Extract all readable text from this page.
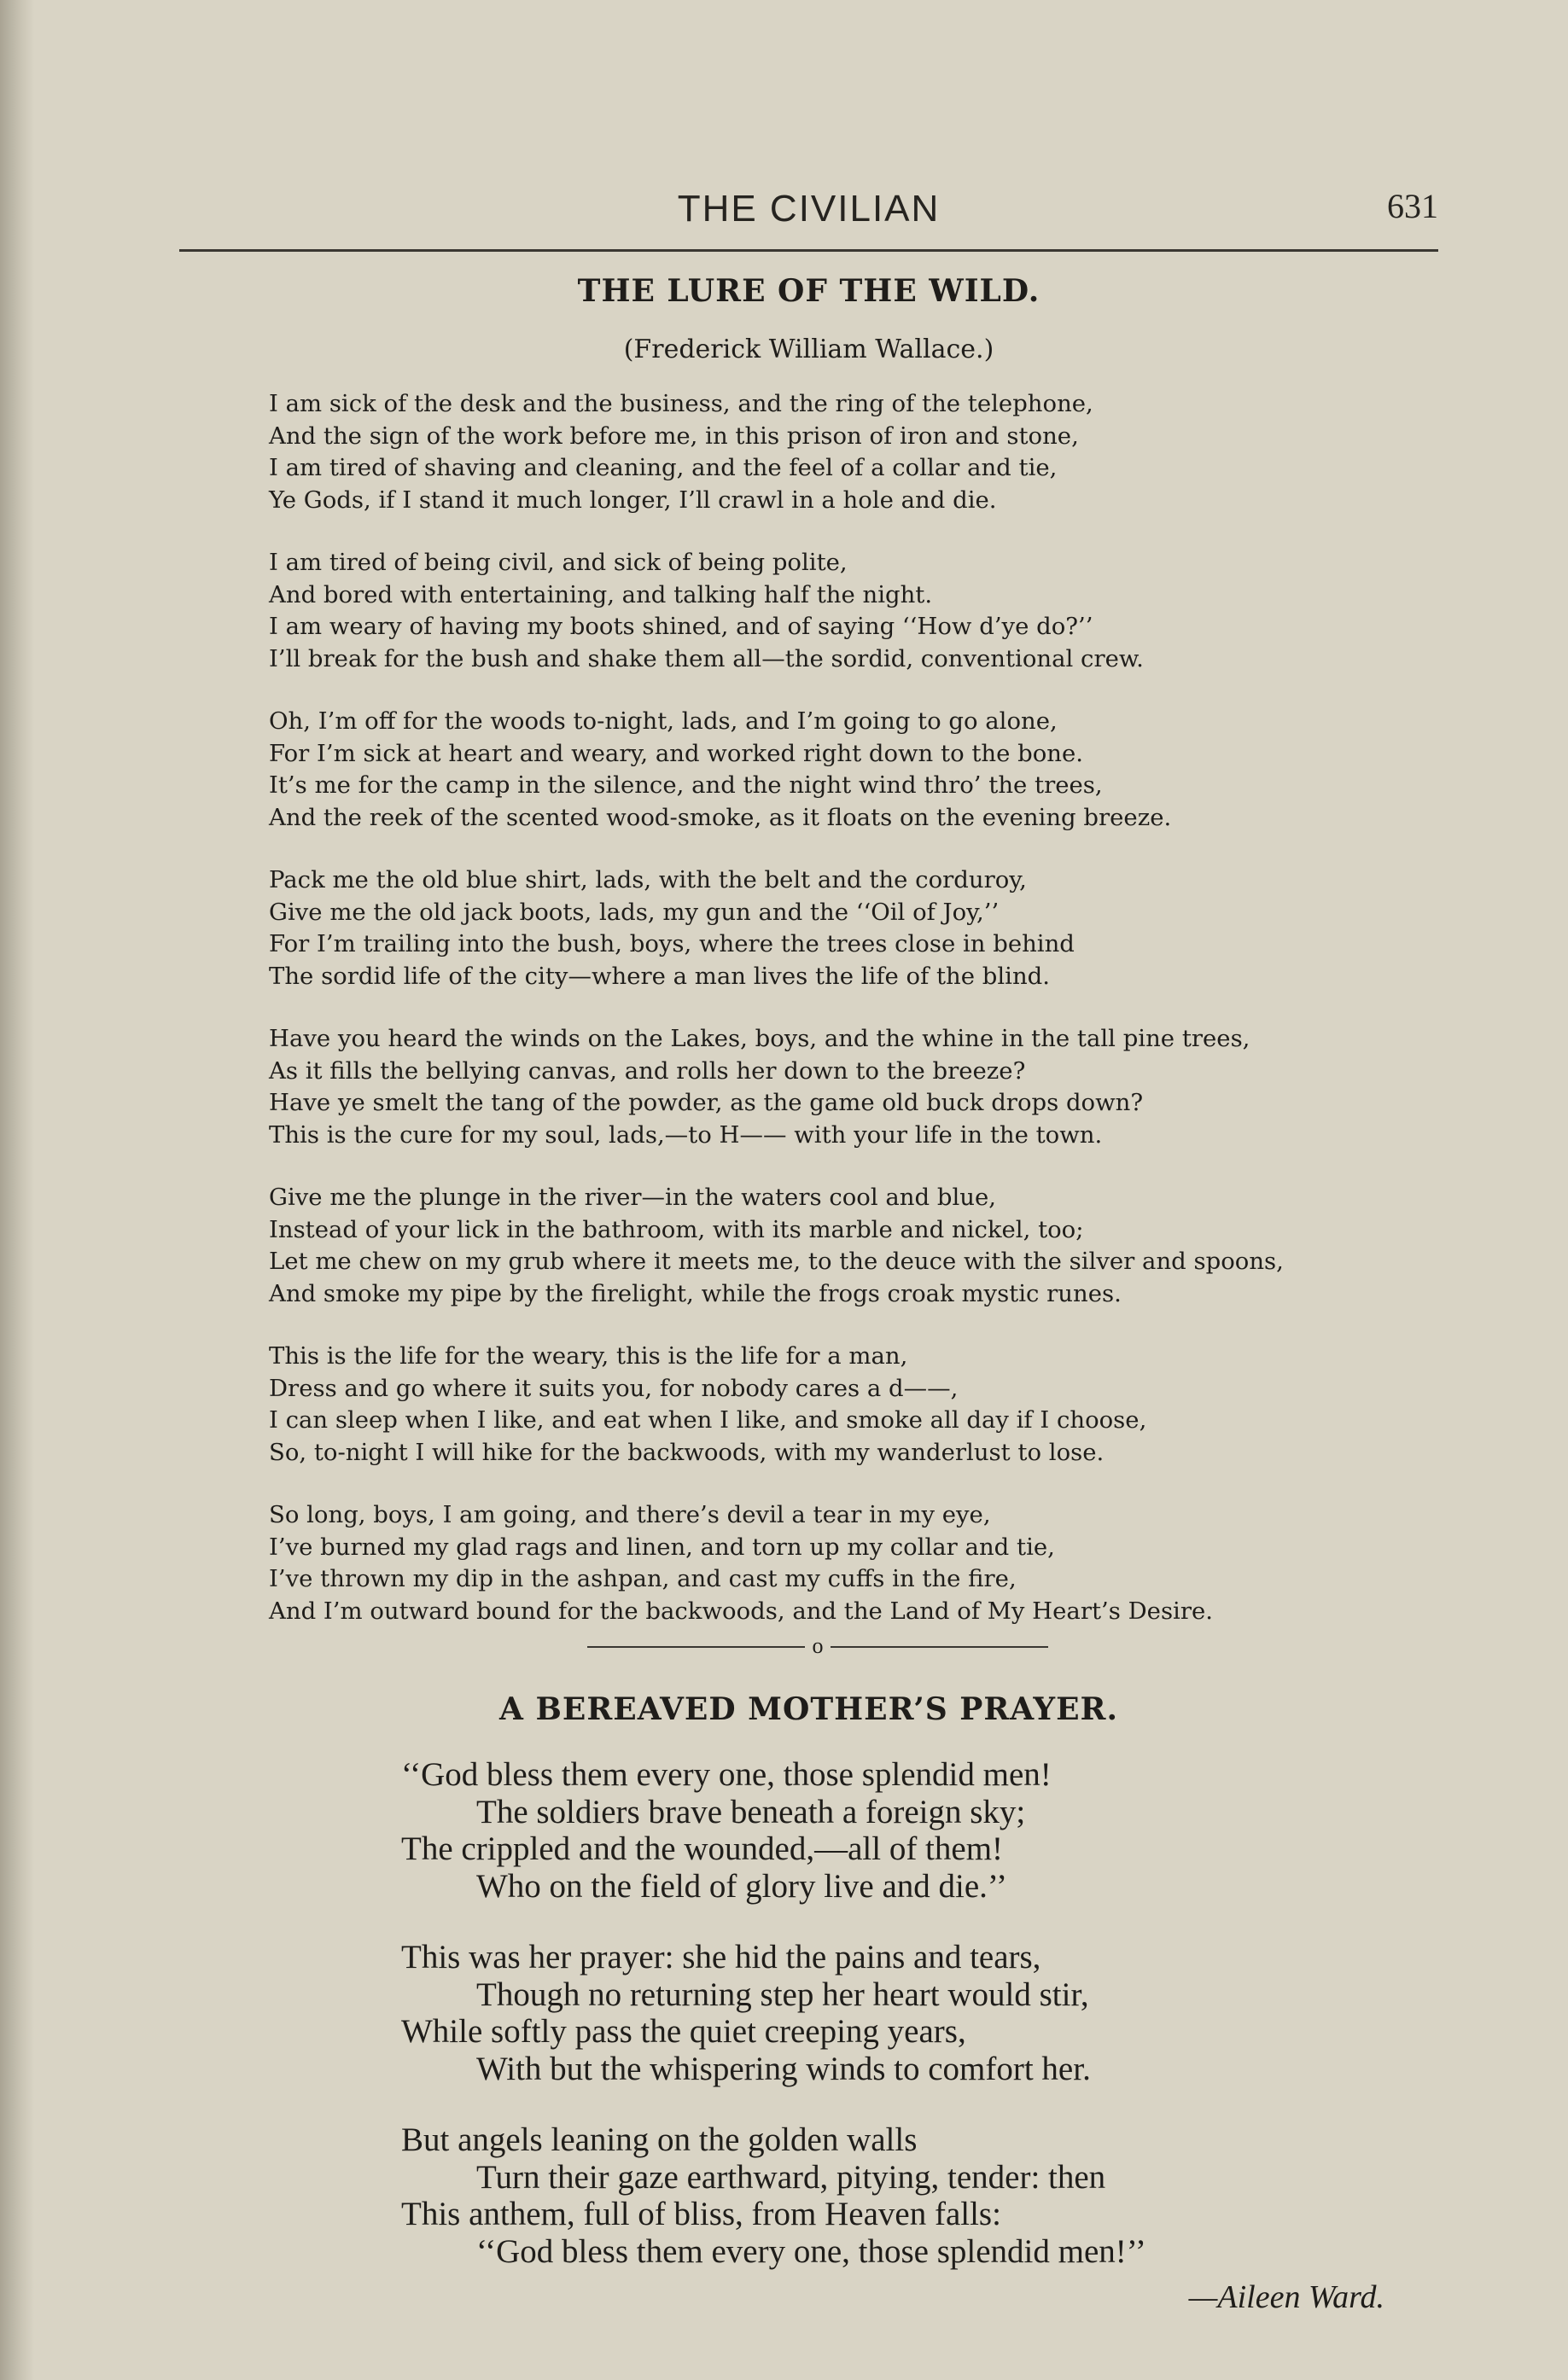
THE CIVILIAN	631
THE LURE OF THE WILD.
(Frederick William Wallace.)
I am sick of the desk and the business, and the ring of the telephone,
And the sign of the work before me, in this prison of iron and stone,
I am tired of shaving and cleaning, and the feel of a collar and tie,
Ye Gods, if I stand it much longer, I’ll crawl in a hole and die.
I am tired of being civil, and sick of being polite,
And bored with entertaining, and talking half the night.
I am weary of having my boots shined, and of saying ‘‘How d’ye do?’’
I’ll break for the bush and shake them all—the sordid, conventional crew.
Oh, I’m off for the woods to-night, lads, and I’m going to go alone,
For I’m sick at heart and weary, and worked right down to the bone.
It’s me for the camp in the silence, and the night wind thro’ the trees,
And the reek of the scented wood-smoke, as it floats on the evening breeze.
Pack me the old blue shirt, lads, with the belt and the corduroy,
Give me the old jack boots, lads, my gun and the ‘‘Oil of Joy,’’
For I’m trailing into the bush, boys, where the trees close in behind
The sordid life of the city—where a man lives the life of the blind.
Have you heard the winds on the Lakes, boys, and the whine in the tall pine trees,
As it fills the bellying canvas, and rolls her down to the breeze?
Have ye smelt the tang of the powder, as the game old buck drops down?
This is the cure for my soul, lads,—to H—— with your life in the town.
Give me the plunge in the river—in the waters cool and blue,
Instead of your lick in the bathroom, with its marble and nickel, too;
Let me chew on my grub where it meets me, to the deuce with the silver and spoons,
And smoke my pipe by the firelight, while the frogs croak mystic runes.
This is the life for the weary, this is the life for a man,
Dress and go where it suits you, for nobody cares a d——,
I can sleep when I like, and eat when I like, and smoke all day if I choose,
So, to-night I will hike for the backwoods, with my wanderlust to lose.
So long, boys, I am going, and there’s devil a tear in my eye,
I’ve burned my glad rags and linen, and torn up my collar and tie,
I’ve thrown my dip in the ashpan, and cast my cuffs in the fire,
And I’m outward bound for the backwoods, and the Land of My Heart’s Desire.
o
A BEREAVED MOTHER’S PRAYER.
‘‘God bless them every one, those splendid men!
The soldiers brave beneath a foreign sky;
The crippled and the wounded,—all of them!
Who on the field of glory live and die.’’
This was her prayer: she hid the pains and tears,
Though no returning step her heart would stir,
While softly pass the quiet creeping years,
With but the whispering winds to comfort her.
But angels leaning on the golden walls
Turn their gaze earthward, pitying, tender: then
This anthem, full of bliss, from Heaven falls:
‘‘God bless them every one, those splendid men!’’
—Aileen Ward.
